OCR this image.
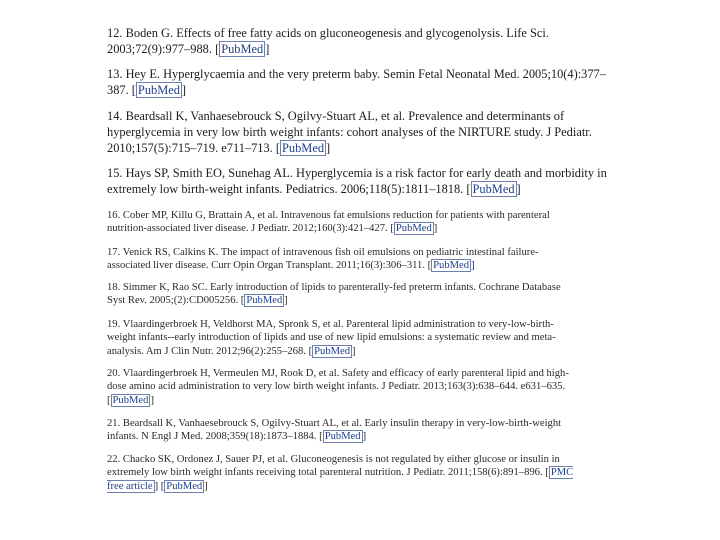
12. Boden G. Effects of free fatty acids on gluconeogenesis and glycogenolysis. Life Sci. 2003;72(9):977–988. [ PubMed ]

13. Hey E. Hyperglycaemia and the very preterm baby. Semin Fetal Neonatal Med. 2005;10(4):377–387. [ PubMed ]

14. Beardsall K, Vanhaesebrouck S, Ogilvy-Stuart AL, et al. Prevalence and determinants of hyperglycemia in very low birth weight infants: cohort analyses of the NIRTURE study. J Pediatr. 2010;157(5):715–719. e711–713. [ PubMed ]

15. Hays SP, Smith EO, Sunehag AL. Hyperglycemia is a risk factor for early death and morbidity in extremely low birth-weight infants. Pediatrics. 2006;118(5):1811–1818. [ PubMed ]

16. Cober MP, Killu G, Brattain A, et al. Intravenous fat emulsions reduction for patients with parenteral nutrition-associated liver disease. J Pediatr. 2012;160(3):421–427. [ PubMed ]

17. Venick RS, Calkins K. The impact of intravenous fish oil emulsions on pediatric intestinal failure-associated liver disease. Curr Opin Organ Transplant. 2011;16(3):306–311. [ PubMed ]

18. Simmer K, Rao SC. Early introduction of lipids to parenterally-fed preterm infants. Cochrane Database Syst Rev. 2005;(2):CD005256. [ PubMed ]

19. Vlaardingerbroek H, Veldhorst MA, Spronk S, et al. Parenteral lipid administration to very-low-birth-weight infants--early introduction of lipids and use of new lipid emulsions: a systematic review and meta-analysis. Am J Clin Nutr. 2012;96(2):255–268. [ PubMed ]

20. Vlaardingerbroek H, Vermeulen MJ, Rook D, et al. Safety and efficacy of early parenteral lipid and high-dose amino acid administration to very low birth weight infants. J Pediatr. 2013;163(3):638–644. e631–635. [ PubMed ]

21. Beardsall K, Vanhaesebrouck S, Ogilvy-Stuart AL, et al. Early insulin therapy in very-low-birth-weight infants. N Engl J Med. 2008;359(18):1873–1884. [ PubMed ]

22. Chacko SK, Ordonez J, Sauer PJ, et al. Gluconeogenesis is not regulated by either glucose or insulin in extremely low birth weight infants receiving total parenteral nutrition. J Pediatr. 2011;158(6):891–896. [ PMC free article ] [ PubMed ]
